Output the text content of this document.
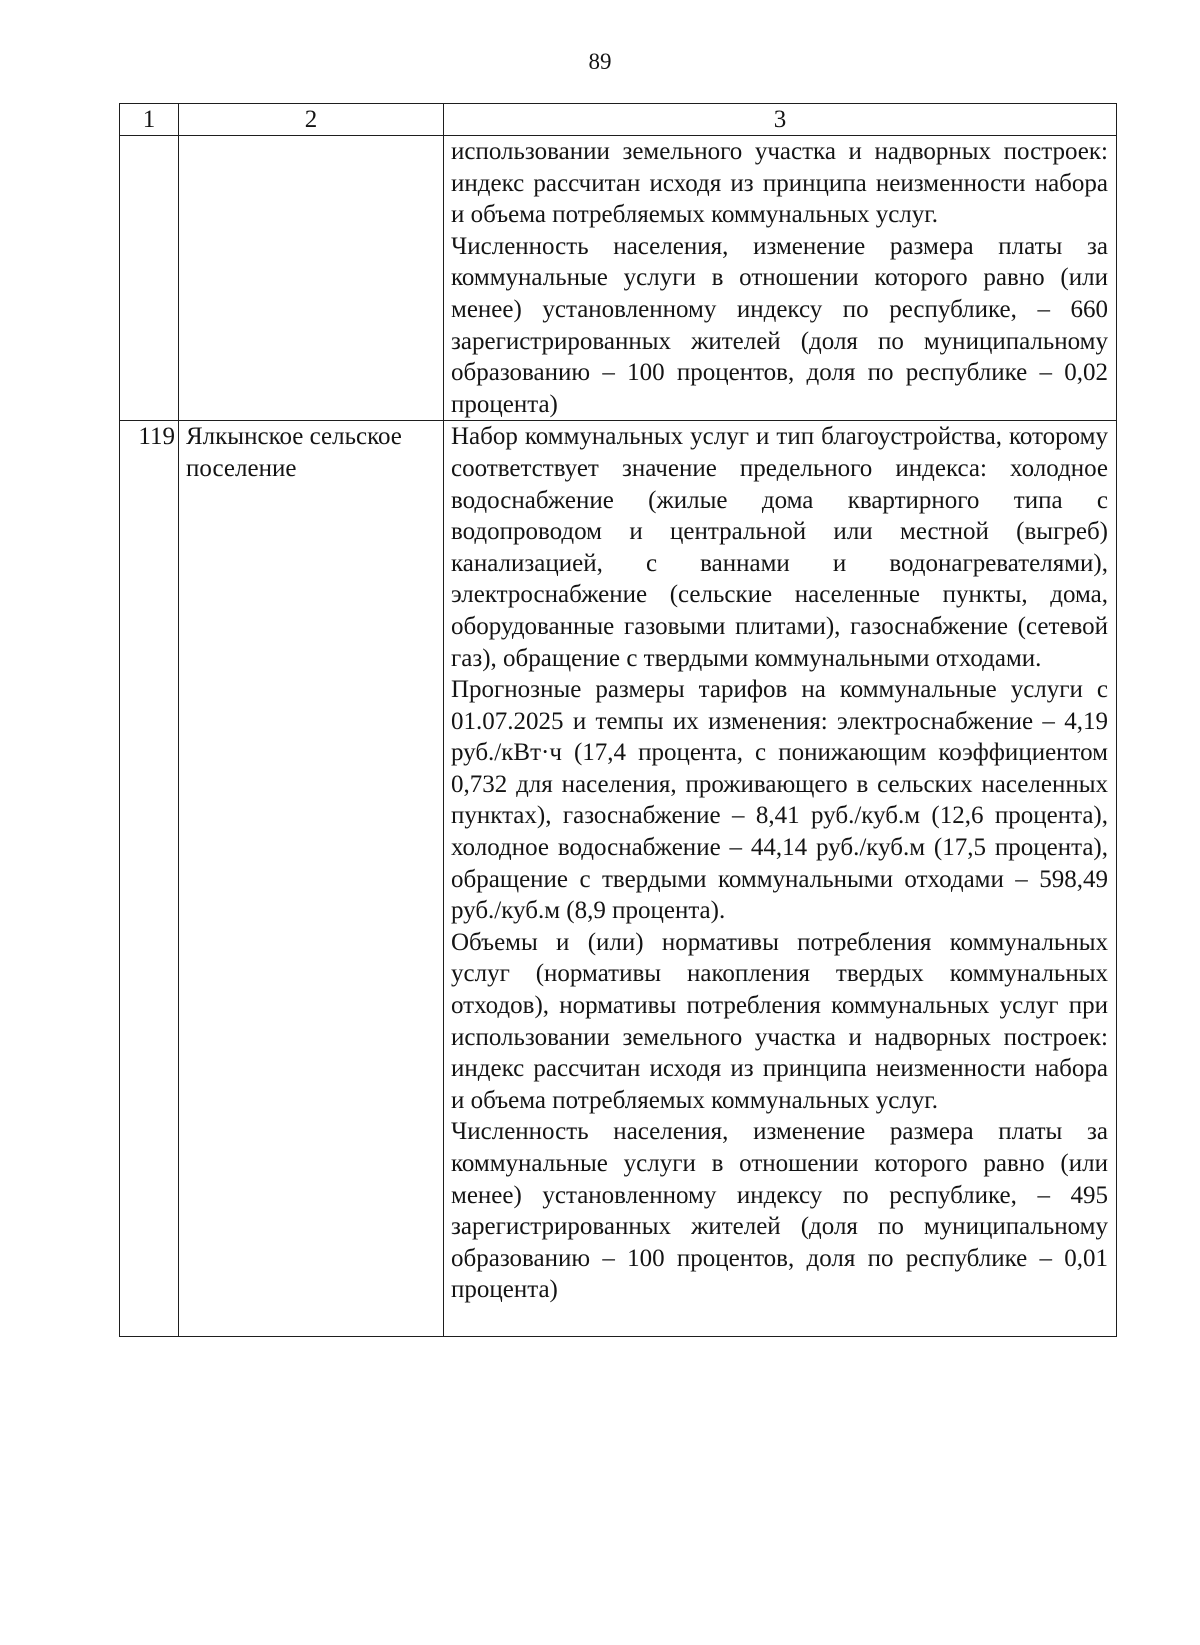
89
1	2	3

		использовании земельного участка и надворных построек: индекс рассчитан исходя из принципа неизменности набора и объема потребляемых коммунальных услуг.

Численность населения, изменение размера платы за коммунальные услуги в отношении которого равно (или менее) установленному индексу по республике, – 660 зарегистрированных жителей (доля по муниципальному образованию – 100 процентов, доля по республике – 0,02 процента)

119	Ялкынское сельское поселение	Набор коммунальных услуг и тип благоустройства, которому соответствует значение предельного индекса: холодное водоснабжение (жилые дома квартирного типа с водопроводом и центральной или местной (выгреб) канализацией, с ваннами и водонагревателями), электроснабжение (сельские населенные пункты, дома, оборудованные газовыми плитами), газоснабжение (сетевой газ), обращение с твердыми коммунальными отходами.

Прогнозные размеры тарифов на коммунальные услуги с 01.07.2025 и темпы их изменения: электроснабжение – 4,19 руб./кВт·ч (17,4 процента, с понижающим коэффициентом 0,732 для населения, проживающего в сельских населенных пунктах), газоснабжение – 8,41 руб./куб.м (12,6 процента), холодное водоснабжение – 44,14 руб./куб.м (17,5 процента), обращение с твердыми коммунальными отходами – 598,49 руб./куб.м (8,9 процента).

Объемы и (или) нормативы потребления коммунальных услуг (нормативы накопления твердых коммунальных отходов), нормативы потребления коммунальных услуг при использовании земельного участка и надворных построек: индекс рассчитан исходя из принципа неизменности набора и объема потребляемых коммунальных услуг.

Численность населения, изменение размера платы за коммунальные услуги в отношении которого равно (или менее) установленному индексу по республике, – 495 зарегистрированных жителей (доля по муниципальному образованию – 100 процентов, доля по республике – 0,01 процента)
